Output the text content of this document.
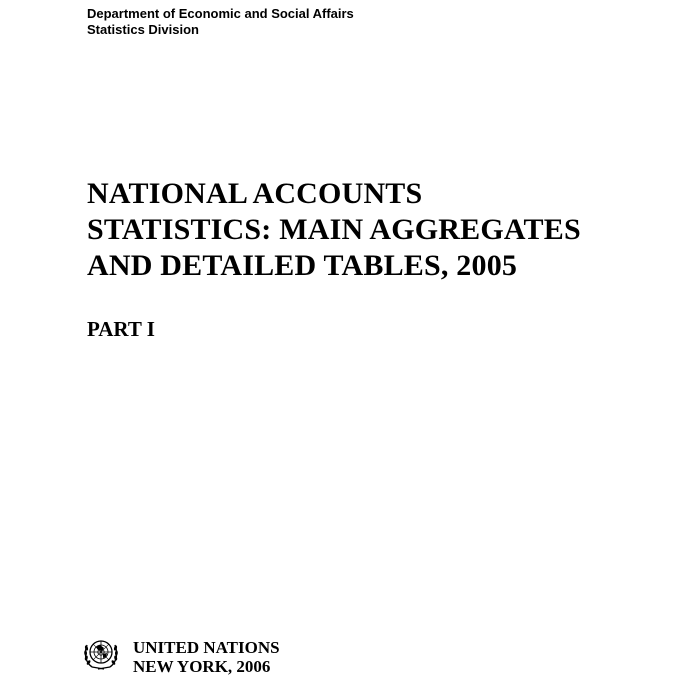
Department of Economic and Social Affairs
Statistics Division
NATIONAL ACCOUNTS
STATISTICS: MAIN AGGREGATES
AND DETAILED TABLES, 2005
PART I
UNITED NATIONS
NEW YORK, 2006
